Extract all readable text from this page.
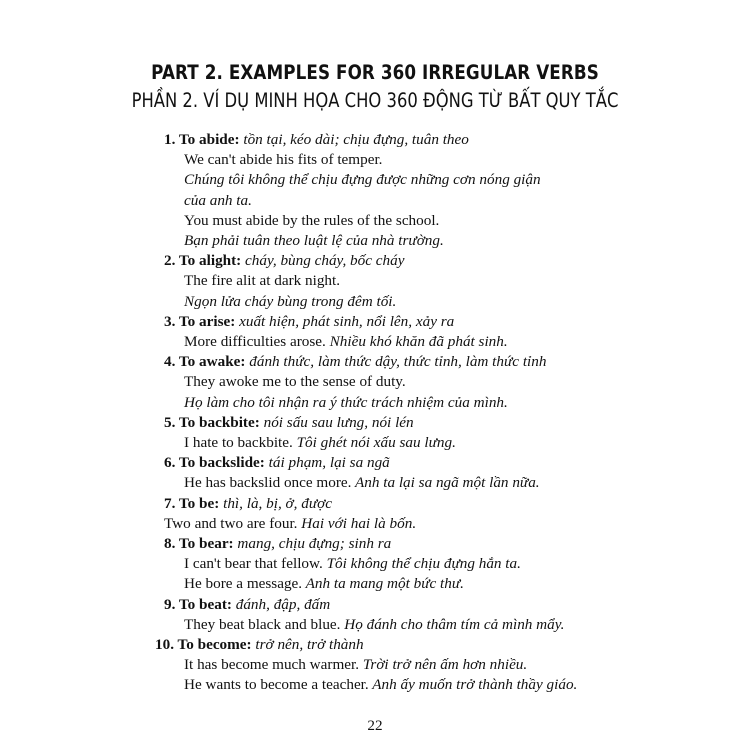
PART 2. EXAMPLES FOR 360 IRREGULAR VERBS
PHẦN 2. VÍ DỤ MINH HỌA CHO 360 ĐỘNG TỪ BẤT QUY TẮC
1. To abide: tồn tại, kéo dài; chịu đựng, tuân theo
We can't abide his fits of temper.
Chúng tôi không thể chịu đựng được những cơn nóng giận
của anh ta.
You must abide by the rules of the school.
Bạn phải tuân theo luật lệ của nhà trường.
2. To alight: cháy, bùng cháy, bốc cháy
The fire alit at dark night.
Ngọn lửa cháy bùng trong đêm tối.
3. To arise: xuất hiện, phát sinh, nổi lên, xảy ra
More difficulties arose. Nhiều khó khăn đã phát sinh.
4. To awake: đánh thức, làm thức dậy, thức tỉnh, làm thức tỉnh
They awoke me to the sense of duty.
Họ làm cho tôi nhận ra ý thức trách nhiệm của mình.
5. To backbite: nói sấu sau lưng, nói lén
I hate to backbite. Tôi ghét nói xấu sau lưng.
6. To backslide: tái phạm, lại sa ngã
He has backslid once more. Anh ta lại sa ngã một lần nữa.
7. To be: thì, là, bị, ở, được
Two and two are four. Hai với hai là bốn.
8. To bear: mang, chịu đựng; sinh ra
I can't bear that fellow. Tôi không thể chịu đựng hắn ta.
He bore a message. Anh ta mang một bức thư.
9. To beat: đánh, đập, đấm
They beat black and blue. Họ đánh cho thâm tím cả mình mẩy.
10. To become: trở nên, trở thành
It has become much warmer. Trời trở nên ấm hơn nhiều.
He wants to become a teacher. Anh ấy muốn trở thành thầy giáo.
22
